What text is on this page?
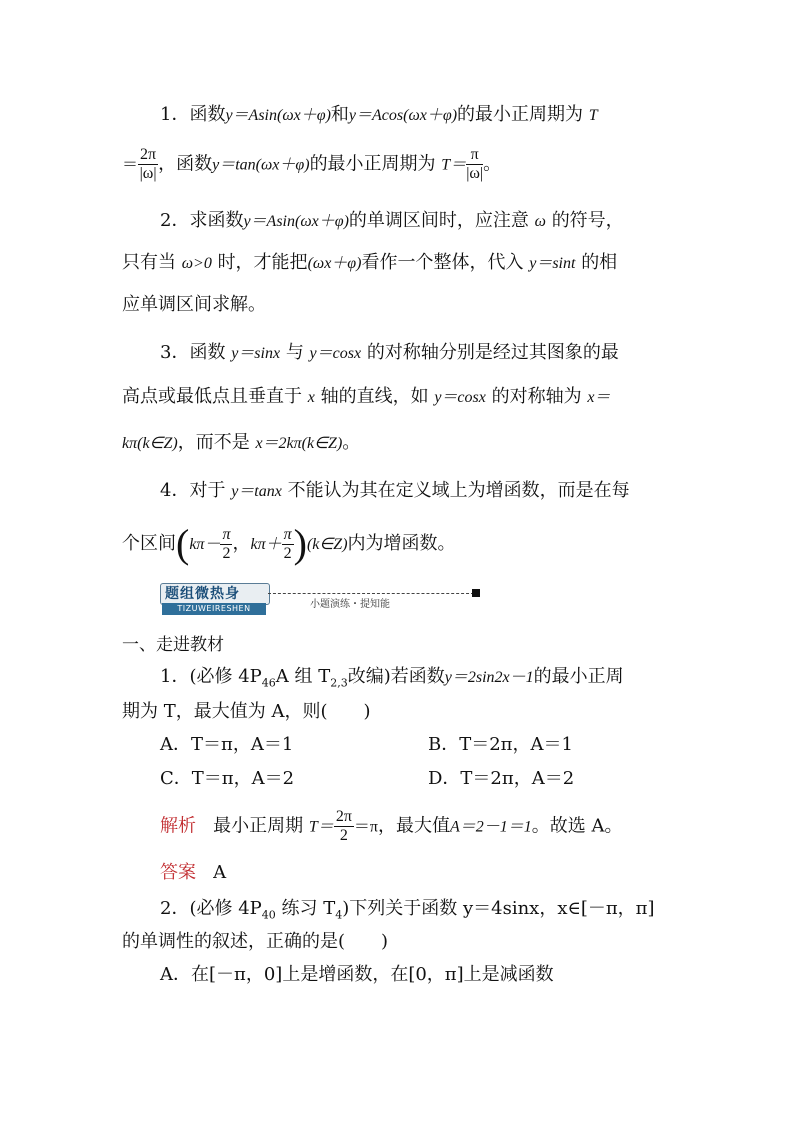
1．函数y＝Asin(ωx＋φ)和y＝Acos(ωx＋φ)的最小正周期为 T
＝ $\frac{2\pi}{|\omega|}$ ，函数y＝tan(ωx＋φ)的最小正周期为 $T= \frac{\pi}{|\omega|}$ 。
2．求函数y＝Asin(ωx＋φ)的单调区间时，应注意 ω 的符号，
只有当 ω>0 时，才能把(ωx＋φ)看作一个整体，代入 y＝sint 的相
应单调区间求解。
3．函数 y＝sinx 与 y＝cosx 的对称轴分别是经过其图象的最
高点或最低点且垂直于 x 轴的直线，如 y＝cosx 的对称轴为 x＝
kπ(k∈Z)，而不是 x＝2kπ(k∈Z)。
4．对于 y＝tanx 不能认为其在定义域上为增函数，而是在每
个区间($k\pi- \frac{\pi}{2}$ ，$k\pi+ \frac{\pi}{2}$ )(k∈Z)内为增函数。
题组微热身
TIZUWEIRESHEN	小题演练・提知能
一、走进教材
1．(必修 $4P_{46}A$ 组 $T_{2,3}$改编)若函数y＝2sin2x－1的最小正周
期为 T，最大值为 A，则(　　)
A．T＝π，A＝1	B．T＝2π，A＝1
C．T＝π，A＝2	D．T＝2π，A＝2
解析 最小正周期 $T= \frac{2\pi}{2} =\pi$，最大值A＝2－1＝1。故选 A。
答案 A
2．(必修 $4P_{40}$ 练习 $T_4$)下列关于函数 y＝4sinx，x∈[－π，π]
的单调性的叙述，正确的是(　　)
A．在[－π，0]上是增函数，在[0，π]上是减函数
